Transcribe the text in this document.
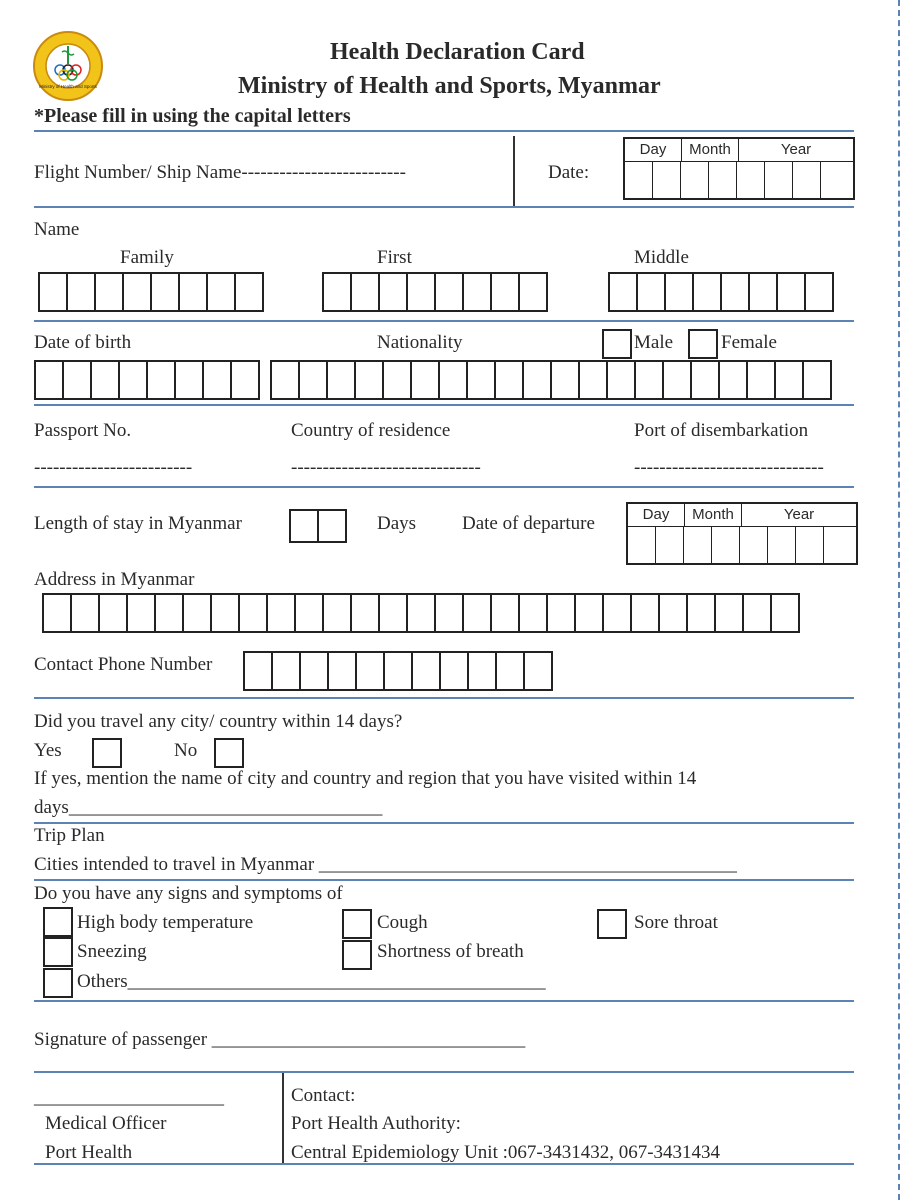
Ministry of Health and Sports
Health Declaration Card
Ministry of Health and Sports, Myanmar
*Please fill in using the capital letters
Flight Number/ Ship Name--------------------------	Date:
Day	Month	Year
Name
Family	First	Middle
Date of birth	Nationality	Male	Female
Passport No.	Country of residence	Port of disembarkation
-------------------------	------------------------------	------------------------------
Length of stay in Myanmar	Days Date of departure	Day	Month	Year
Address in Myanmar
Contact Phone Number
Did you travel any city/ country within 14 days?
Yes	No
If yes, mention the name of city and country and region that you have visited within 14
days_________________________________
Trip Plan
Cities intended to travel in Myanmar ____________________________________________
Do you have any signs and symptoms of
High body temperature	Cough	Sore throat
Sneezing	Shortness of breath
Others____________________________________________
Signature of passenger _________________________________
____________________
Medical Officer
Port Health
Contact:
Port Health Authority:
Central Epidemiology Unit :067-3431432, 067-3431434
